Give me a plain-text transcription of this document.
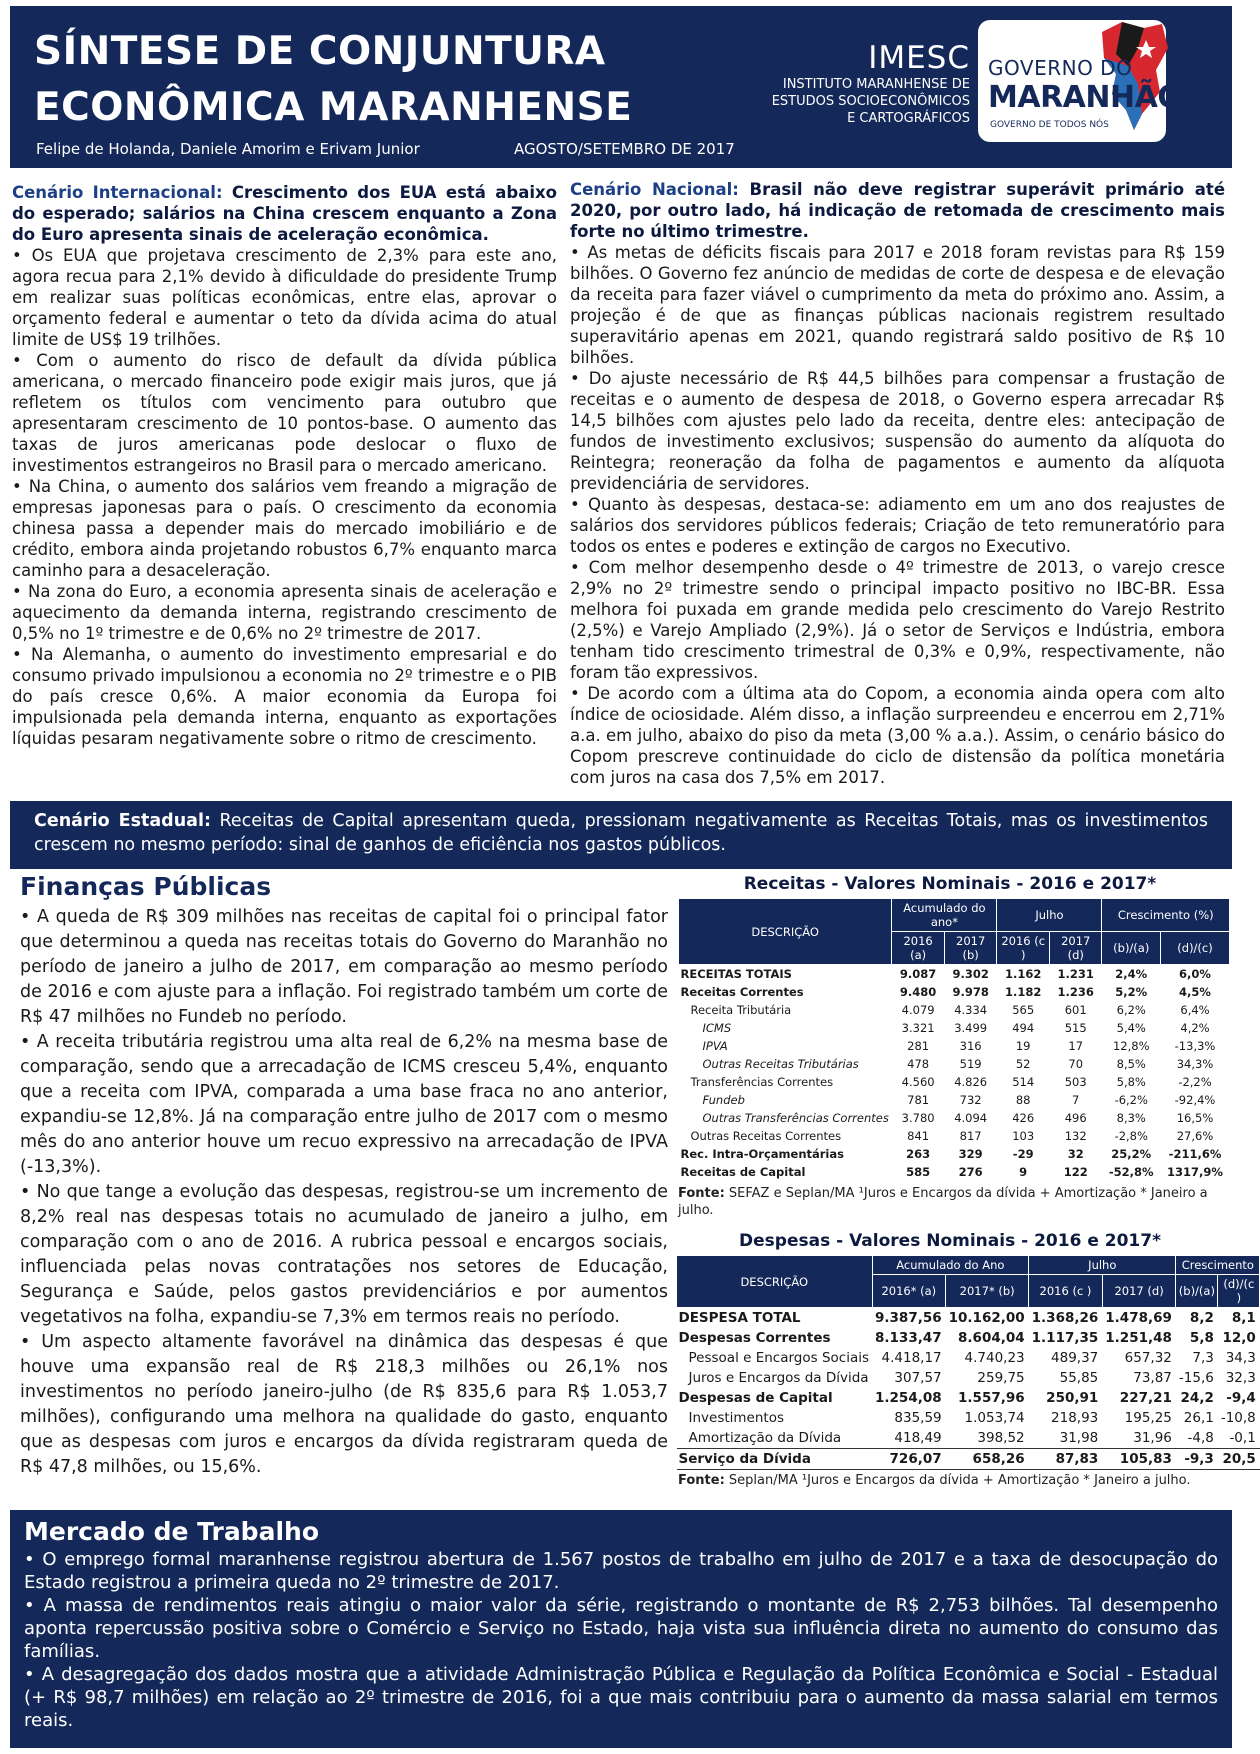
SÍNTESE DE CONJUNTURA
ECONÔMICA MARANHENSE
Felipe de Holanda, Daniele Amorim e Erivam Junior	AGOSTO/SETEMBRO DE 2017
IMESC
INSTITUTO MARANHENSE DE
ESTUDOS SOCIOECONÔMICOS
E CARTOGRÁFICOS
GOVERNO DO
MARANHÃO
GOVERNO DE TODOS NÓS

Cenário Internacional: Crescimento dos EUA está abaixo do esperado; salários na China crescem enquanto a Zona do Euro apresenta sinais de aceleração econômica.

• Os EUA que projetava crescimento de 2,3% para este ano, agora recua para 2,1% devido à dificuldade do presidente Trump em realizar suas políticas econômicas, entre elas, aprovar o orçamento federal e aumentar o teto da dívida acima do atual limite de US$ 19 trilhões.

• Com o aumento do risco de default da dívida pública americana, o mercado financeiro pode exigir mais juros, que já refletem os títulos com vencimento para outubro que apresentaram crescimento de 10 pontos-base. O aumento das taxas de juros americanas pode deslocar o fluxo de investimentos estrangeiros no Brasil para o mercado americano.

• Na China, o aumento dos salários vem freando a migração de empresas japonesas para o país. O crescimento da economia chinesa passa a depender mais do mercado imobiliário e de crédito, embora ainda projetando robustos 6,7% enquanto marca caminho para a desaceleração.

• Na zona do Euro, a economia apresenta sinais de aceleração e aquecimento da demanda interna, registrando crescimento de 0,5% no 1º trimestre e de 0,6% no 2º trimestre de 2017.

• Na Alemanha, o aumento do investimento empresarial e do consumo privado impulsionou a economia no 2º trimestre e o PIB do país cresce 0,6%. A maior economia da Europa foi impulsionada pela demanda interna, enquanto as exportações líquidas pesaram negativamente sobre o ritmo de crescimento.

Cenário Nacional: Brasil não deve registrar superávit primário até 2020, por outro lado, há indicação de retomada de crescimento mais forte no último trimestre.

• As metas de déficits fiscais para 2017 e 2018 foram revistas para R$ 159 bilhões. O Governo fez anúncio de medidas de corte de despesa e de elevação da receita para fazer viável o cumprimento da meta do próximo ano. Assim, a projeção é de que as finanças públicas nacionais registrem resultado superavitário apenas em 2021, quando registrará saldo positivo de R$ 10 bilhões.

• Do ajuste necessário de R$ 44,5 bilhões para compensar a frustação de receitas e o aumento de despesa de 2018, o Governo espera arrecadar R$ 14,5 bilhões com ajustes pelo lado da receita, dentre eles: antecipação de fundos de investimento exclusivos; suspensão do aumento da alíquota do Reintegra; reoneração da folha de pagamentos e aumento da alíquota previdenciária de servidores.

• Quanto às despesas, destaca-se: adiamento em um ano dos reajustes de salários dos servidores públicos federais; Criação de teto remuneratório para todos os entes e poderes e extinção de cargos no Executivo.

• Com melhor desempenho desde o 4º trimestre de 2013, o varejo cresce 2,9% no 2º trimestre sendo o principal impacto positivo no IBC-BR. Essa melhora foi puxada em grande medida pelo crescimento do Varejo Restrito (2,5%) e Varejo Ampliado (2,9%). Já o setor de Serviços e Indústria, embora tenham tido crescimento trimestral de 0,3% e 0,9%, respectivamente, não foram tão expressivos.

• De acordo com a última ata do Copom, a economia ainda opera com alto índice de ociosidade. Além disso, a inflação surpreendeu e encerrou em 2,71% a.a. em julho, abaixo do piso da meta (3,00 % a.a.). Assim, o cenário básico do Copom prescreve continuidade do ciclo de distensão da política monetária com juros na casa dos 7,5% em 2017.

Cenário Estadual: Receitas de Capital apresentam queda, pressionam negativamente as Receitas Totais, mas os investimentos crescem no mesmo período: sinal de ganhos de eficiência nos gastos públicos.
Finanças Públicas

• A queda de R$ 309 milhões nas receitas de capital foi o principal fator que determinou a queda nas receitas totais do Governo do Maranhão no período de janeiro a julho de 2017, em comparação ao mesmo período de 2016 e com ajuste para a inflação. Foi registrado também um corte de R$ 47 milhões no Fundeb no período.

• A receita tributária registrou uma alta real de 6,2% na mesma base de comparação, sendo que a arrecadação de ICMS cresceu 5,4%, enquanto que a receita com IPVA, comparada a uma base fraca no ano anterior, expandiu-se 12,8%. Já na comparação entre julho de 2017 com o mesmo mês do ano anterior houve um recuo expressivo na arrecadação de IPVA (-13,3%).

• No que tange a evolução das despesas, registrou-se um incremento de 8,2% real nas despesas totais no acumulado de janeiro a julho, em comparação com o ano de 2016. A rubrica pessoal e encargos sociais, influenciada pelas novas contratações nos setores de Educação, Segurança e Saúde, pelos gastos previdenciários e por aumentos vegetativos na folha, expandiu-se 7,3% em termos reais no período.

• Um aspecto altamente favorável na dinâmica das despesas é que houve uma expansão real de R$ 218,3 milhões ou 26,1% nos investimentos no período janeiro-julho (de R$ 835,6 para R$ 1.053,7 milhões), configurando uma melhora na qualidade do gasto, enquanto que as despesas com juros e encargos da dívida registraram queda de R$ 47,8 milhões, ou 15,6%.

Receitas - Valores Nominais - 2016 e 2017*
DESCRIÇÃO	Acumulado do ano*		Julho		Crescimento (%)	
	2016 (a)	2017 (b)	2016 (c )	2017 (d)	(b)/(a)	(d)/(c)
RECEITAS TOTAIS	9.087	9.302	1.162	1.231	2,4%	6,0%
Receitas Correntes	9.480	9.978	1.182	1.236	5,2%	4,5%
Receita Tributária	4.079	4.334	565	601	6,2%	6,4%
ICMS	3.321	3.499	494	515	5,4%	4,2%
IPVA	281	316	19	17	12,8%	-13,3%
Outras Receitas Tributárias	478	519	52	70	8,5%	34,3%
Transferências Correntes	4.560	4.826	514	503	5,8%	-2,2%
Fundeb	781	732	88	7	-6,2%	-92,4%
Outras Transferências Correntes	3.780	4.094	426	496	8,3%	16,5%
Outras Receitas Correntes	841	817	103	132	-2,8%	27,6%
Rec. Intra-Orçamentárias	263	329	-29	32	25,2%	-211,6%
Receitas de Capital	585	276	9	122	-52,8%	1317,9%
Fonte: SEFAZ e Seplan/MA ¹Juros e Encargos da dívida + Amortização * Janeiro a julho.
Despesas - Valores Nominais - 2016 e 2017*
DESCRIÇÃO	Acumulado do Ano		Julho		Crescimento	
	2016* (a)	2017* (b)	2016 (c )	2017 (d)	(b)/(a)	(d)/(c )
DESPESA TOTAL	9.387,56	10.162,00	1.368,26	1.478,69	8,2	8,1
Despesas Correntes	8.133,47	8.604,04	1.117,35	1.251,48	5,8	12,0
Pessoal e Encargos Sociais	4.418,17	4.740,23	489,37	657,32	7,3	34,3
Juros e Encargos da Dívida	307,57	259,75	55,85	73,87	-15,6	32,3
Despesas de Capital	1.254,08	1.557,96	250,91	227,21	24,2	-9,4
Investimentos	835,59	1.053,74	218,93	195,25	26,1	-10,8
Amortização da Dívida	418,49	398,52	31,98	31,96	-4,8	-0,1
Serviço da Dívida	726,07	658,26	87,83	105,83	-9,3	20,5
Fonte: Seplan/MA ¹Juros e Encargos da dívida + Amortização * Janeiro a julho.
Mercado de Trabalho

• O emprego formal maranhense registrou abertura de 1.567 postos de trabalho em julho de 2017 e a taxa de desocupação do Estado registrou a primeira queda no 2º trimestre de 2017.

• A massa de rendimentos reais atingiu o maior valor da série, registrando o montante de R$ 2,753 bilhões. Tal desempenho aponta repercussão positiva sobre o Comércio e Serviço no Estado, haja vista sua influência direta no aumento do consumo das famílias.

• A desagregação dos dados mostra que a atividade Administração Pública e Regulação da Política Econômica e Social - Estadual (+ R$ 98,7 milhões) em relação ao 2º trimestre de 2016, foi a que mais contribuiu para o aumento da massa salarial em termos reais.
